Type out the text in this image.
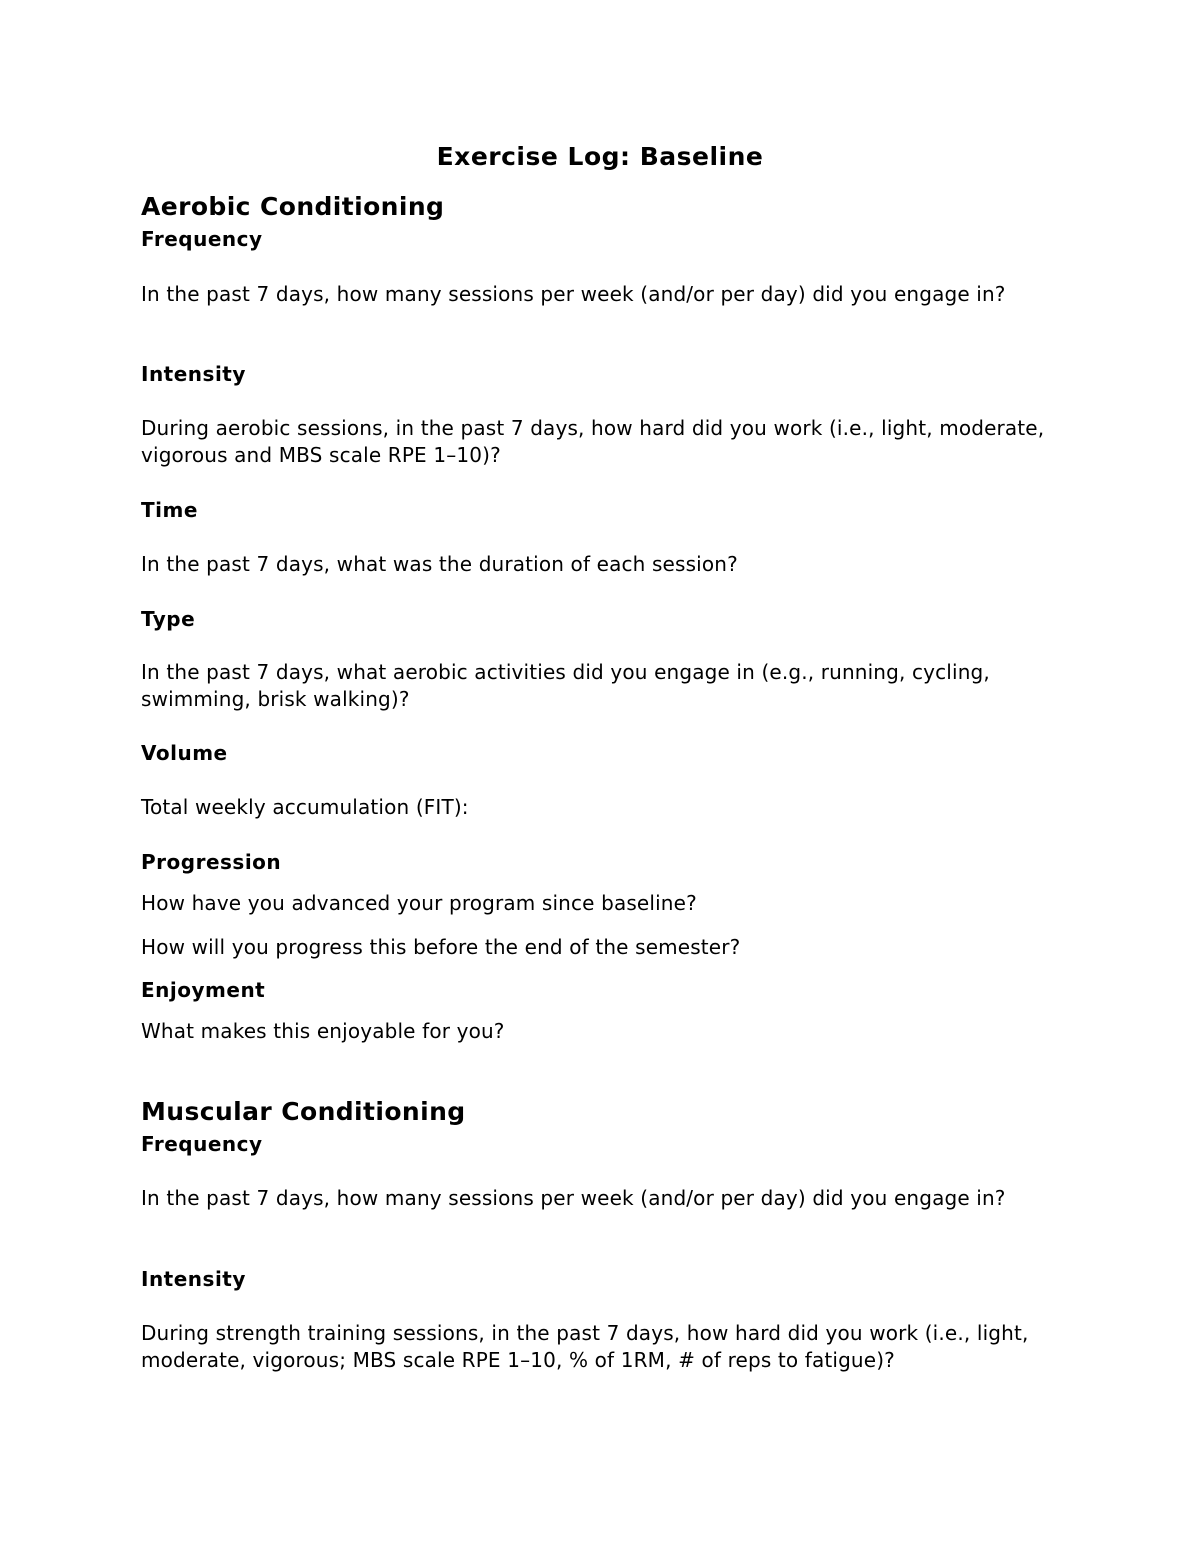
Exercise Log: Baseline
Aerobic Conditioning
Frequency
In the past 7 days, how many sessions per week (and/or per day) did you engage in?
Intensity
During aerobic sessions, in the past 7 days, how hard did you work (i.e., light, moderate, vigorous and MBS scale RPE 1–10)?
Time
In the past 7 days, what was the duration of each session?
Type
In the past 7 days, what aerobic activities did you engage in (e.g., running, cycling, swimming, brisk walking)?
Volume
Total weekly accumulation (FIT):
Progression
How have you advanced your program since baseline?
How will you progress this before the end of the semester?
Enjoyment
What makes this enjoyable for you?
Muscular Conditioning
Frequency
In the past 7 days, how many sessions per week (and/or per day) did you engage in?
Intensity
During strength training sessions, in the past 7 days, how hard did you work (i.e., light, moderate, vigorous; MBS scale RPE 1–10, % of 1RM, # of reps to fatigue)?
